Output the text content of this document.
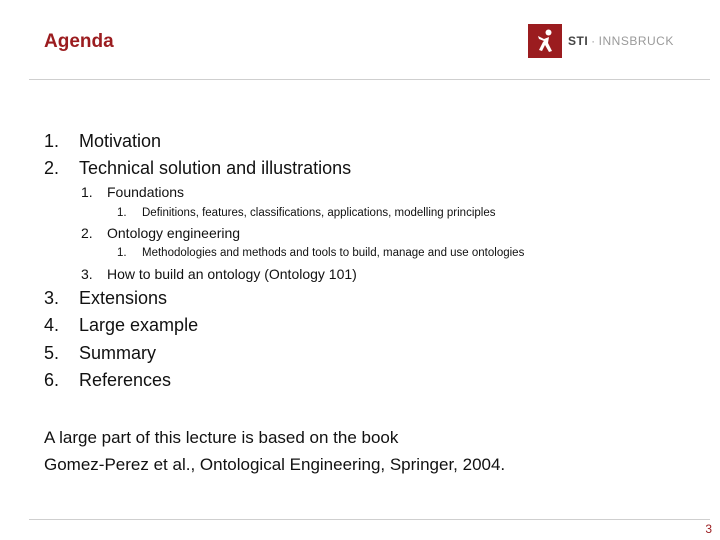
Agenda	STI · INNSBRUCK
1. Motivation
2. Technical solution and illustrations
1. Foundations
1. Definitions, features, classifications, applications, modelling principles
2. Ontology engineering
1. Methodologies and methods and tools to build, manage and use ontologies
3. How to build an ontology (Ontology 101)
3. Extensions
4. Large example
5. Summary
6. References
A large part of this lecture is based on the book
Gomez-Perez et al., Ontological Engineering, Springer, 2004.
3
